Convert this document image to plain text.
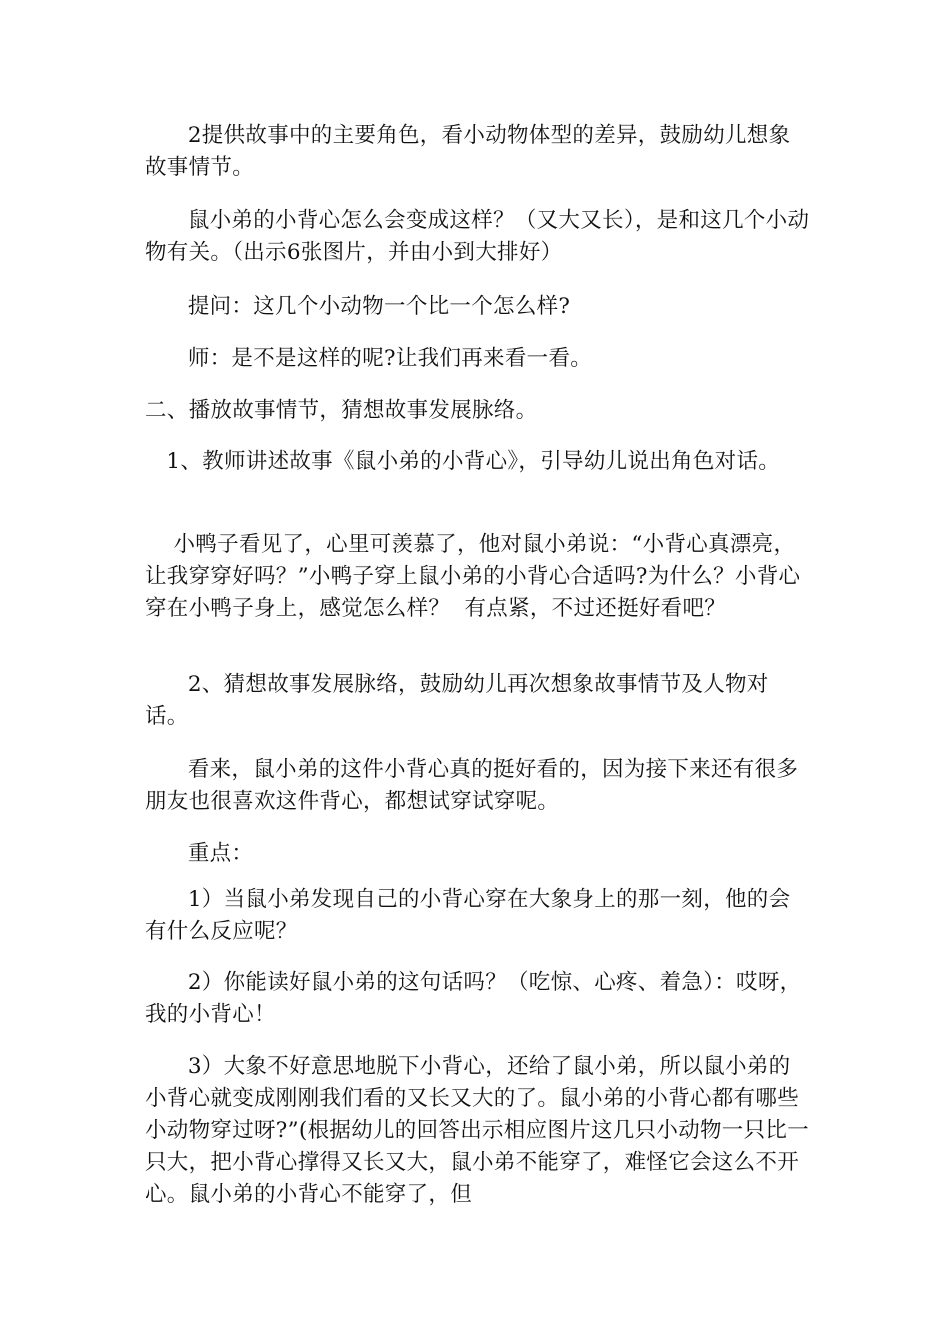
2提供故事中的主要角色，看小动物体型的差异，鼓励幼儿想象故事情节。

鼠小弟的小背心怎么会变成这样？（又大又长），是和这几个小动物有关。（出示6张图片，并由小到大排好）

提问：这几个小动物一个比一个怎么样?

师：是不是这样的呢?让我们再来看一看。

二、播放故事情节，猜想故事发展脉络。

1、教师讲述故事《鼠小弟的小背心》，引导幼儿说出角色对话。

小鸭子看见了，心里可羡慕了，他对鼠小弟说：“小背心真漂亮，让我穿穿好吗？”小鸭子穿上鼠小弟的小背心合适吗?为什么？小背心穿在小鸭子身上，感觉怎么样？  有点紧，不过还挺好看吧？

2、猜想故事发展脉络，鼓励幼儿再次想象故事情节及人物对话。

看来，鼠小弟的这件小背心真的挺好看的，因为接下来还有很多朋友也很喜欢这件背心，都想试穿试穿呢。

重点：

1）当鼠小弟发现自己的小背心穿在大象身上的那一刻，他的会有什么反应呢？

2）你能读好鼠小弟的这句话吗？（吃惊、心疼、着急）：哎呀，我的小背心！

3）大象不好意思地脱下小背心，还给了鼠小弟，所以鼠小弟的小背心就变成刚刚我们看的又长又大的了。鼠小弟的小背心都有哪些小动物穿过呀?”(根据幼儿的回答出示相应图片这几只小动物一只比一只大，把小背心撑得又长又大，鼠小弟不能穿了，难怪它会这么不开心。鼠小弟的小背心不能穿了，但
